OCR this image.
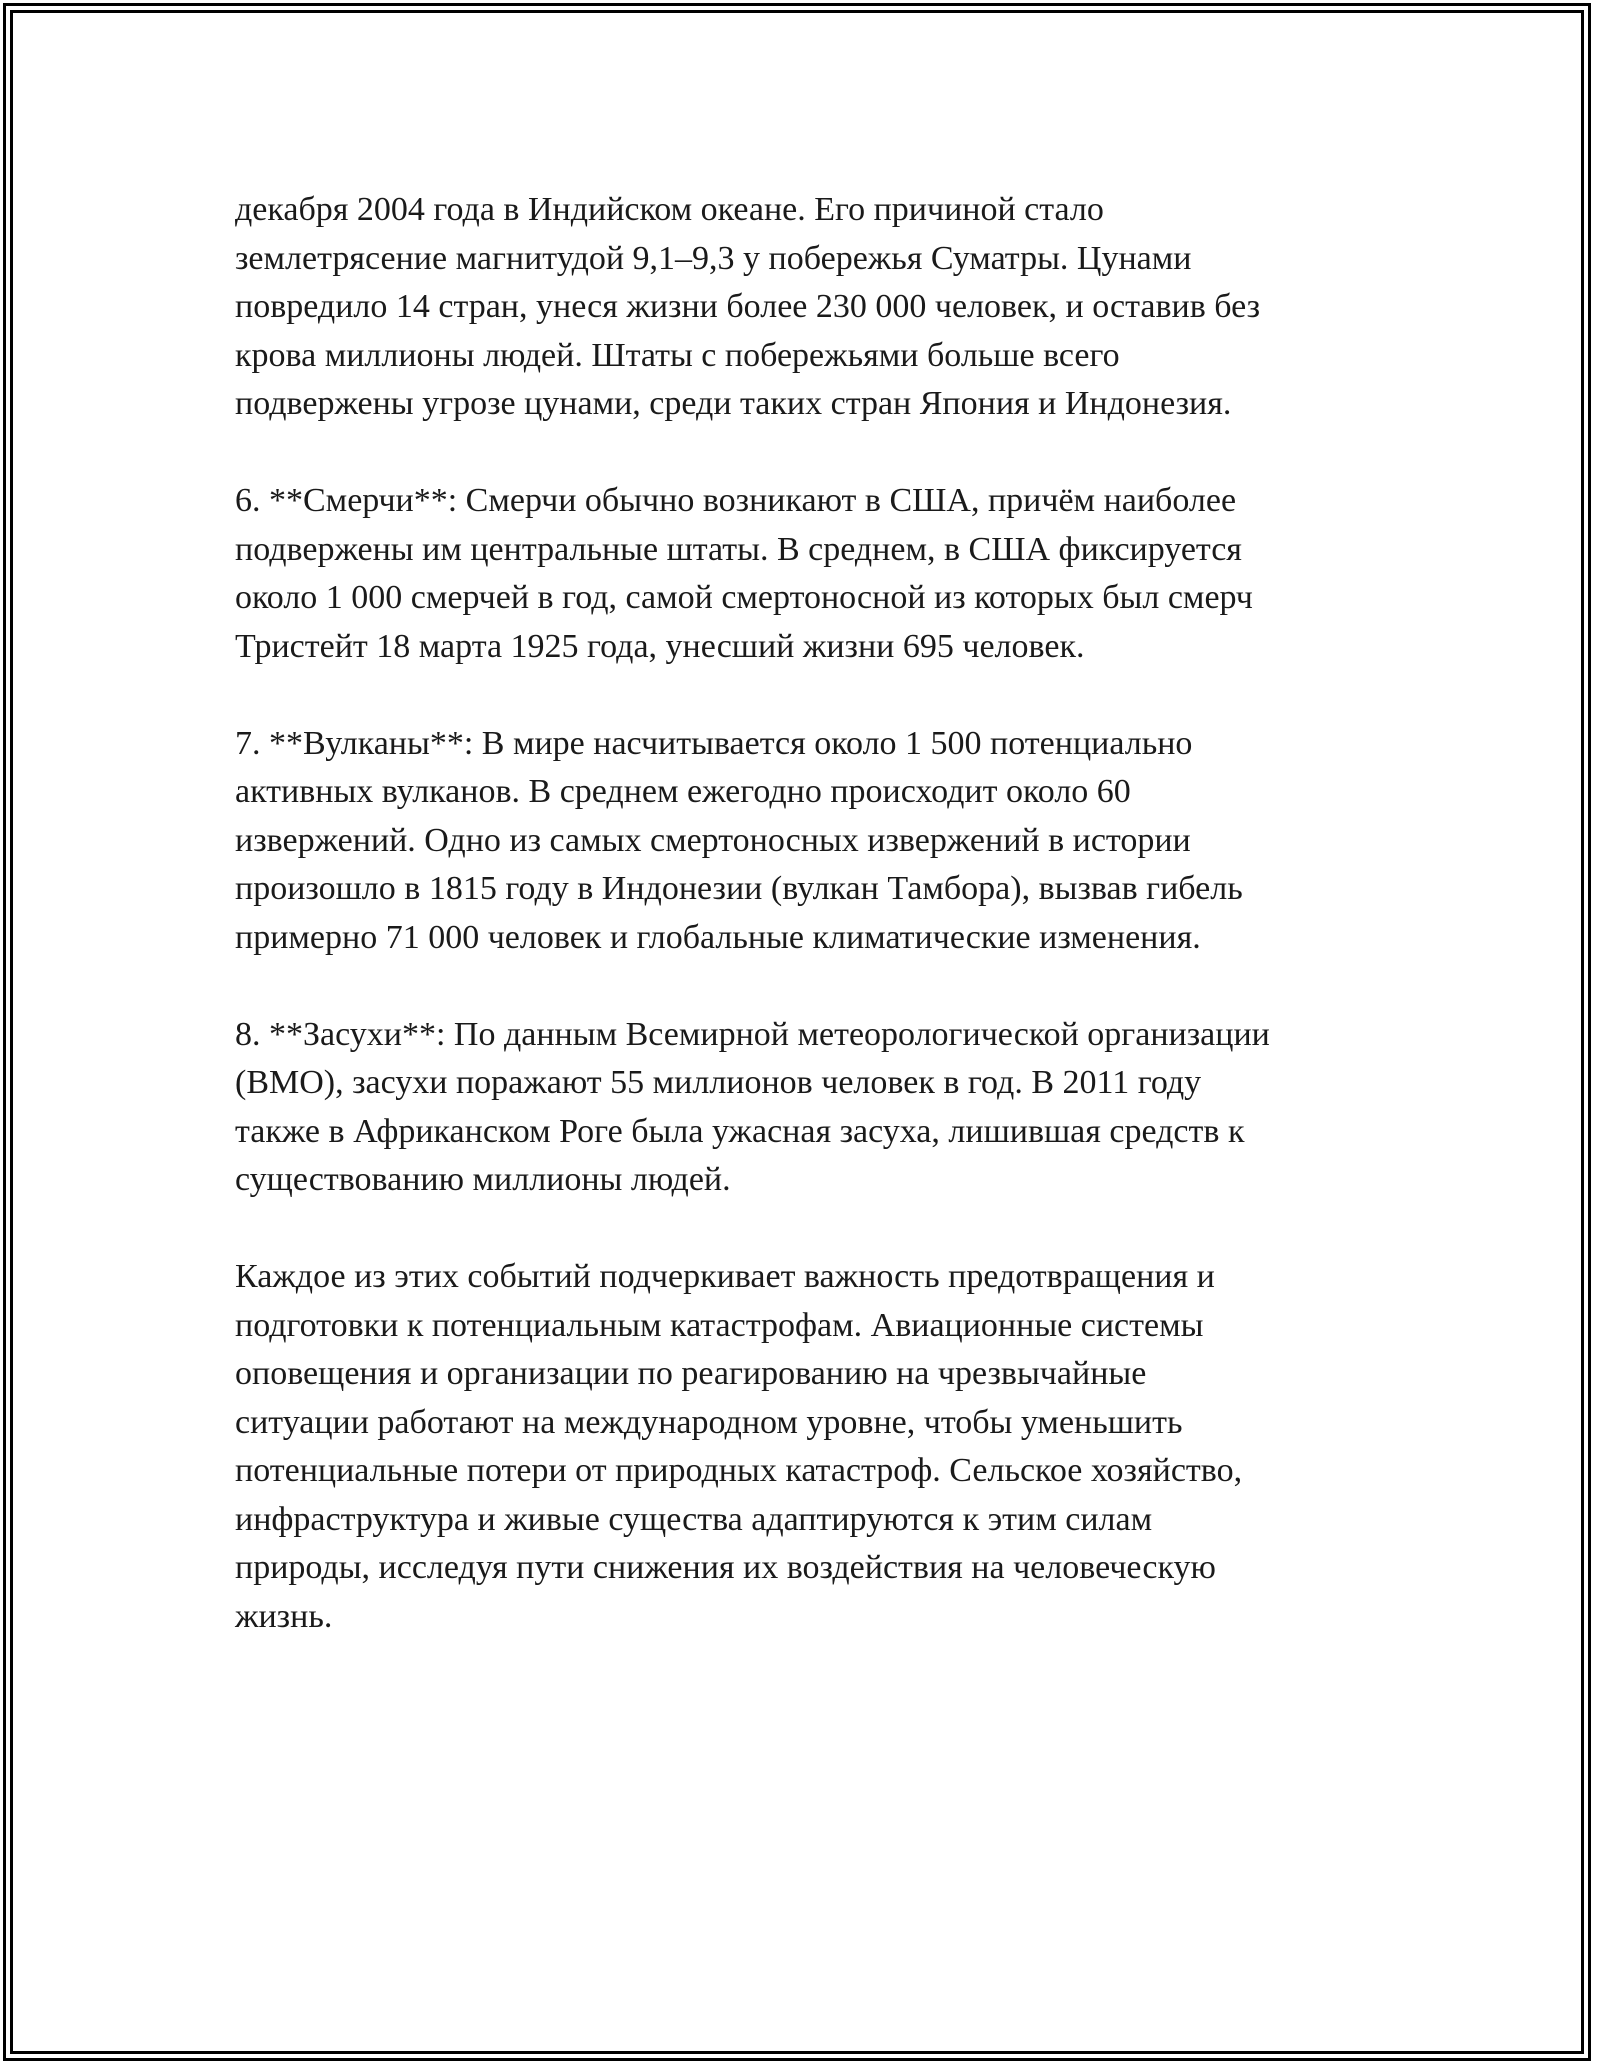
декабря 2004 года в Индийском океане. Его причиной стало
землетрясение магнитудой 9,1–9,3 у побережья Суматры. Цунами
повредило 14 стран, унеся жизни более 230 000 человек, и оставив без
крова миллионы людей. Штаты с побережьями больше всего
подвержены угрозе цунами, среди таких стран Япония и Индонезия.
6. **Смерчи**: Смерчи обычно возникают в США, причём наиболее
подвержены им центральные штаты. В среднем, в США фиксируется
около 1 000 смерчей в год, самой смертоносной из которых был смерч
Тристейт 18 марта 1925 года, унесший жизни 695 человек.
7. **Вулканы**: В мире насчитывается около 1 500 потенциально
активных вулканов. В среднем ежегодно происходит около 60
извержений. Одно из самых смертоносных извержений в истории
произошло в 1815 году в Индонезии (вулкан Тамбора), вызвав гибель
примерно 71 000 человек и глобальные климатические изменения.
8. **Засухи**: По данным Всемирной метеорологической организации
(ВМО), засухи поражают 55 миллионов человек в год. В 2011 году
также в Африканском Роге была ужасная засуха, лишившая средств к
существованию миллионы людей.
Каждое из этих событий подчеркивает важность предотвращения и
подготовки к потенциальным катастрофам. Авиационные системы
оповещения и организации по реагированию на чрезвычайные
ситуации работают на международном уровне, чтобы уменьшить
потенциальные потери от природных катастроф. Сельское хозяйство,
инфраструктура и живые существа адаптируются к этим силам
природы, исследуя пути снижения их воздействия на человеческую
жизнь.
